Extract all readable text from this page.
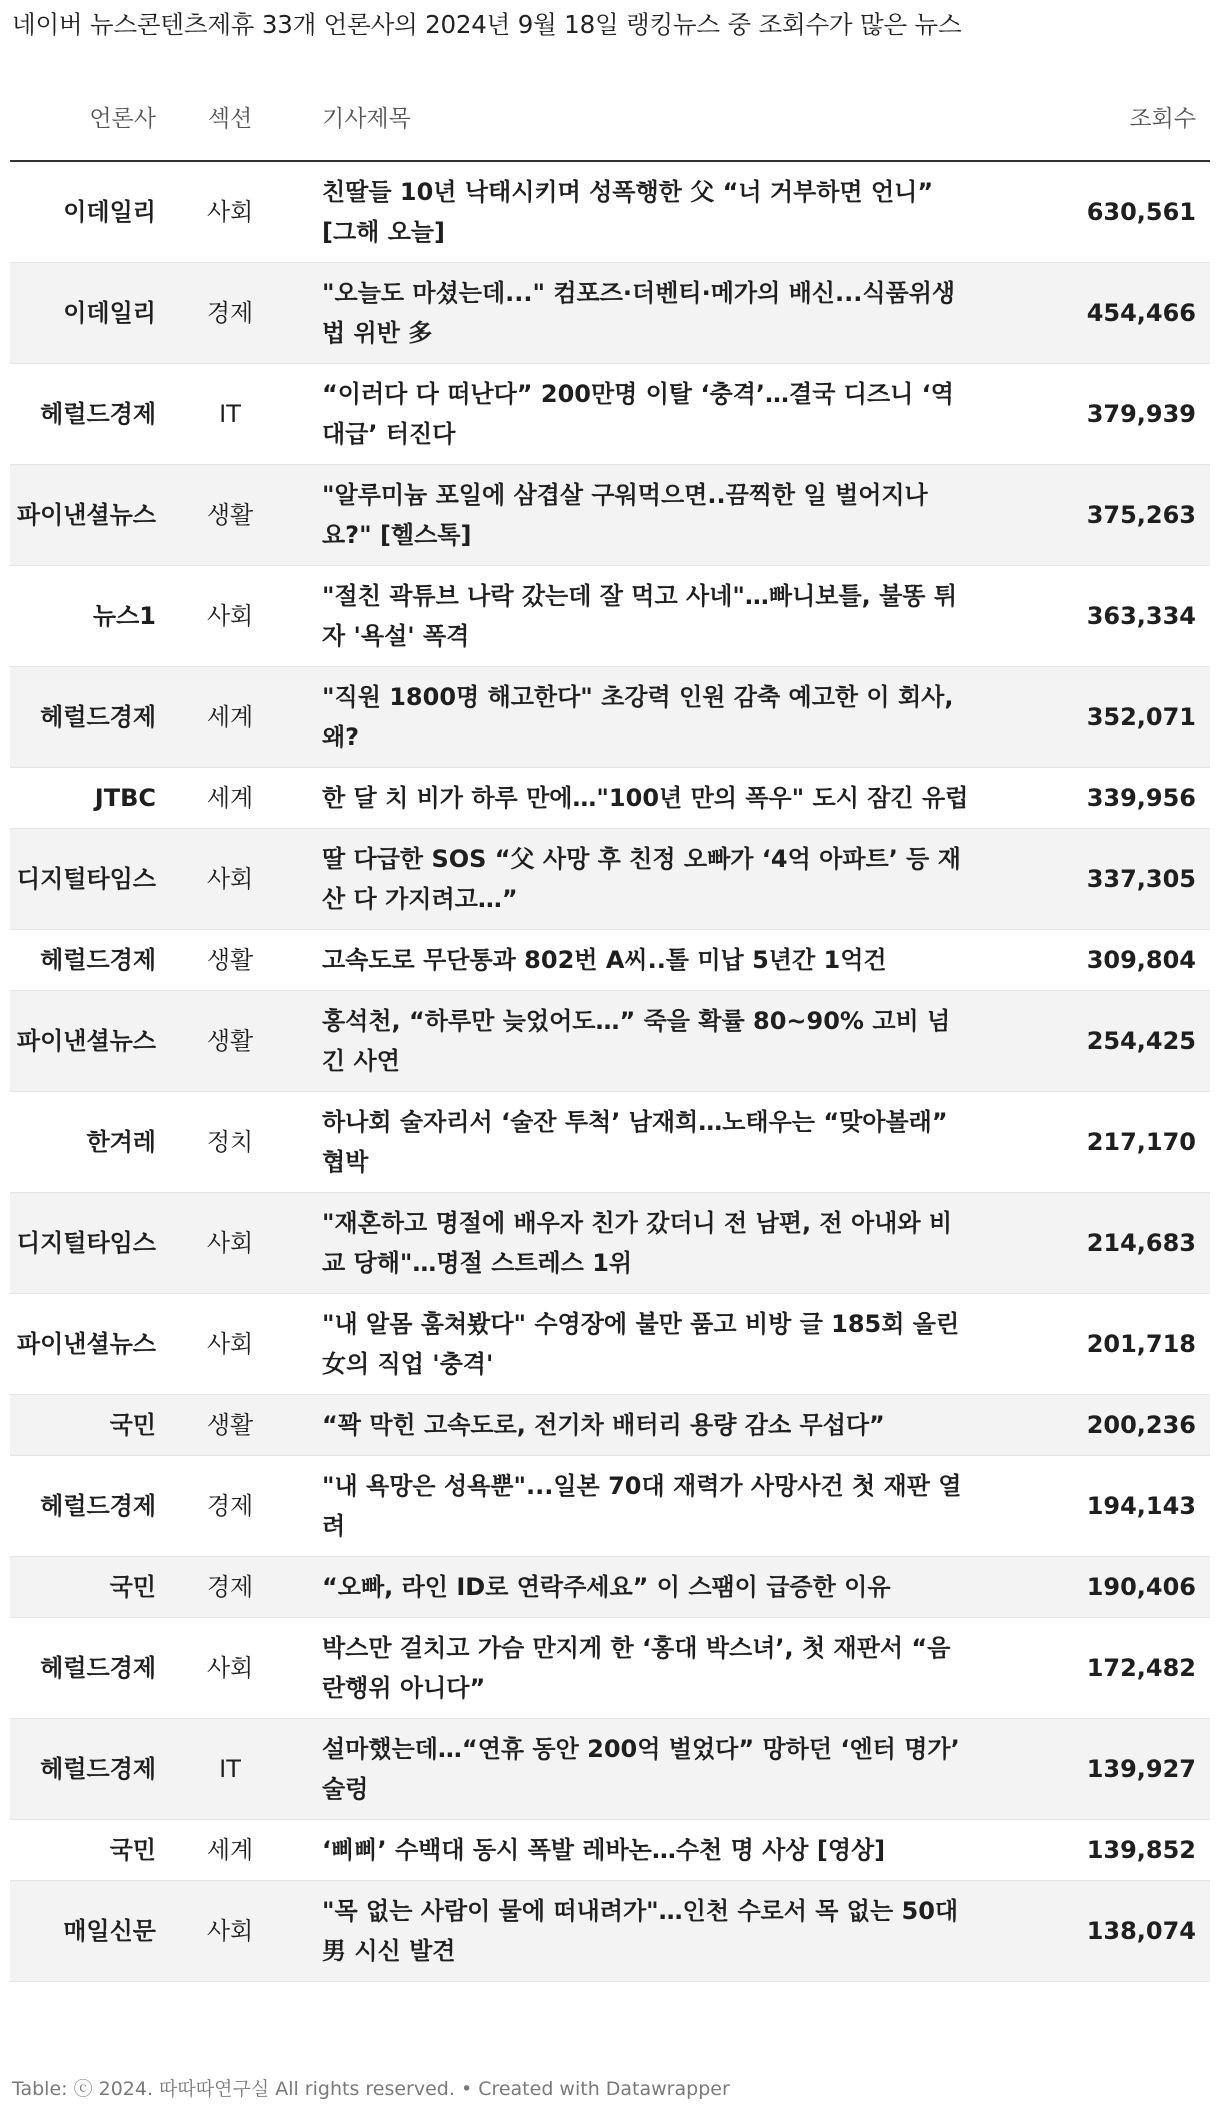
네이버 뉴스콘텐츠제휴 33개 언론사의 2024년 9월 18일 랭킹뉴스 중 조회수가 많은 뉴스
언론사	섹션	기사제목	조회수
이데일리	사회	친딸들 10년 낙태시키며 성폭행한 父 “너 거부하면 언니” [그해 오늘]	630,561
이데일리	경제	"오늘도 마셨는데..." 컴포즈·더벤티·메가의 배신...식품위생법 위반 多	454,466
헤럴드경제	IT	“이러다 다 떠난다” 200만명 이탈 ‘충격’…결국 디즈니 ‘역대급’ 터진다	379,939
파이낸셜뉴스	생활	"알루미늄 포일에 삼겹살 구워먹으면..끔찍한 일 벌어지나요?" [헬스톡]	375,263
뉴스1	사회	"절친 곽튜브 나락 갔는데 잘 먹고 사네"…빠니보틀, 불똥 튀자 '욕설' 폭격	363,334
헤럴드경제	세계	"직원 1800명 해고한다" 초강력 인원 감축 예고한 이 회사, 왜?	352,071
JTBC	세계	한 달 치 비가 하루 만에…"100년 만의 폭우" 도시 잠긴 유럽	339,956
디지털타임스	사회	딸 다급한 SOS “父 사망 후 친정 오빠가 ‘4억 아파트’ 등 재산 다 가지려고…”	337,305
헤럴드경제	생활	고속도로 무단통과 802번 A씨..톨 미납 5년간 1억건	309,804
파이낸셜뉴스	생활	홍석천, “하루만 늦었어도…” 죽을 확률 80~90% 고비 넘긴 사연	254,425
한겨레	정치	하나회 술자리서 ‘술잔 투척’ 남재희…노태우는 “맞아볼래” 협박	217,170
디지털타임스	사회	"재혼하고 명절에 배우자 친가 갔더니 전 남편, 전 아내와 비교 당해"…명절 스트레스 1위	214,683
파이낸셜뉴스	사회	"내 알몸 훔쳐봤다" 수영장에 불만 품고 비방 글 185회 올린 女의 직업 '충격'	201,718
국민	생활	“꽉 막힌 고속도로, 전기차 배터리 용량 감소 무섭다”	200,236
헤럴드경제	경제	"내 욕망은 성욕뿐"...일본 70대 재력가 사망사건 첫 재판 열려	194,143
국민	경제	“오빠, 라인 ID로 연락주세요” 이 스팸이 급증한 이유	190,406
헤럴드경제	사회	박스만 걸치고 가슴 만지게 한 ‘홍대 박스녀’, 첫 재판서 “음란행위 아니다”	172,482
헤럴드경제	IT	설마했는데…“연휴 동안 200억 벌었다” 망하던 ‘엔터 명가’ 술렁	139,927
국민	세계	‘삐삐’ 수백대 동시 폭발 레바논…수천 명 사상 [영상]	139,852
매일신문	사회	"목 없는 사람이 물에 떠내려가"…인천 수로서 목 없는 50대 男 시신 발견	138,074
Table: ⓒ 2024. 따따따연구실 All rights reserved. • Created with Datawrapper
